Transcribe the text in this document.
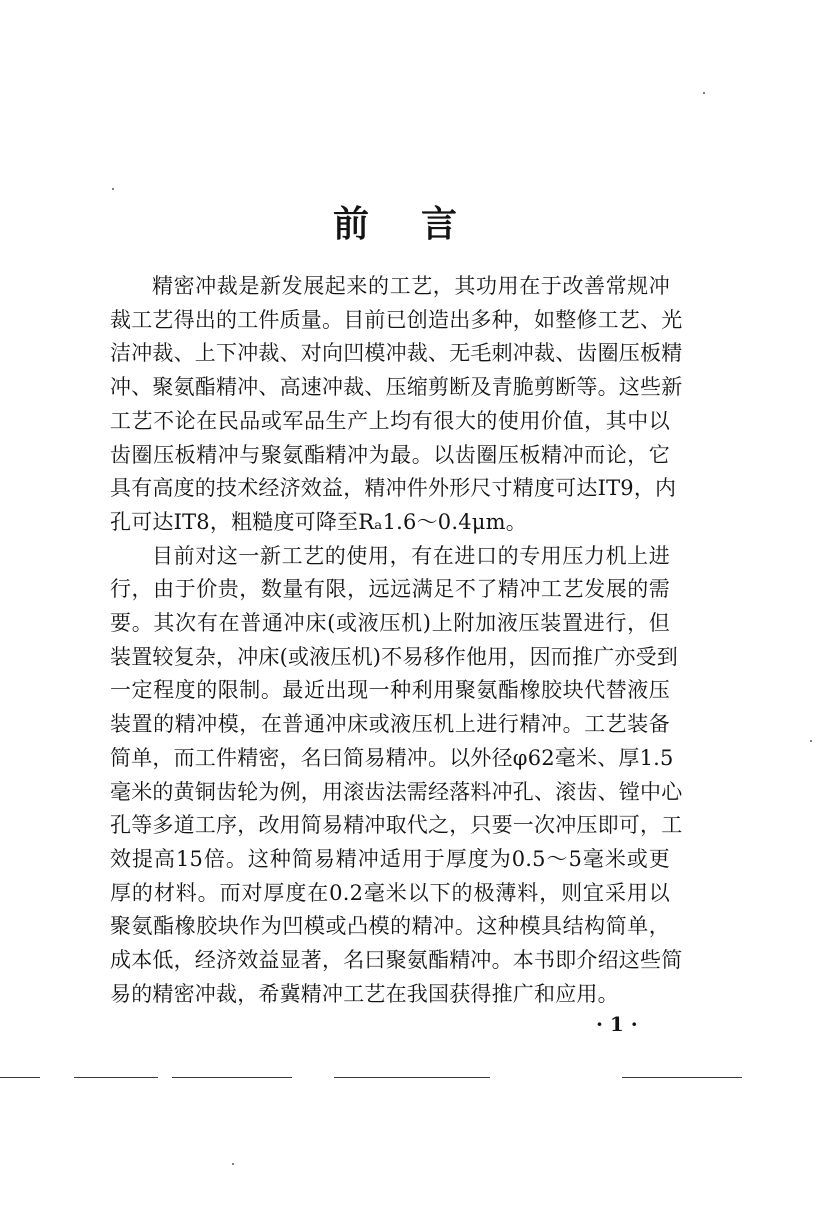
前言
精密冲裁是新发展起来的工艺，其功用在于改善常规冲
裁工艺得出的工件质量。目前已创造出多种，如整修工艺、光
洁冲裁、上下冲裁、对向凹模冲裁、无毛刺冲裁、齿圈压板精
冲、聚氨酯精冲、高速冲裁、压缩剪断及青脆剪断等。这些新
工艺不论在民品或军品生产上均有很大的使用价值，其中以
齿圈压板精冲与聚氨酯精冲为最。以齿圈压板精冲而论，它
具有高度的技术经济效益，精冲件外形尺寸精度可达IT9，内
孔可达IT8，粗糙度可降至Rₐ1.6～0.4μm。
目前对这一新工艺的使用，有在进口的专用压力机上进
行，由于价贵，数量有限，远远满足不了精冲工艺发展的需
要。其次有在普通冲床(或液压机)上附加液压装置进行，但
装置较复杂，冲床(或液压机)不易移作他用，因而推广亦受到
一定程度的限制。最近出现一种利用聚氨酯橡胶块代替液压
装置的精冲模，在普通冲床或液压机上进行精冲。工艺装备
简单，而工件精密，名曰简易精冲。以外径φ62毫米、厚1.5
毫米的黄铜齿轮为例，用滚齿法需经落料冲孔、滚齿、镗中心
孔等多道工序，改用简易精冲取代之，只要一次冲压即可，工
效提高15倍。这种简易精冲适用于厚度为0.5～5毫米或更
厚的材料。而对厚度在0.2毫米以下的极薄料，则宜采用以
聚氨酯橡胶块作为凹模或凸模的精冲。这种模具结构简单，
成本低，经济效益显著，名曰聚氨酯精冲。本书即介绍这些简
易的精密冲裁，希冀精冲工艺在我国获得推广和应用。
· 1 ·
